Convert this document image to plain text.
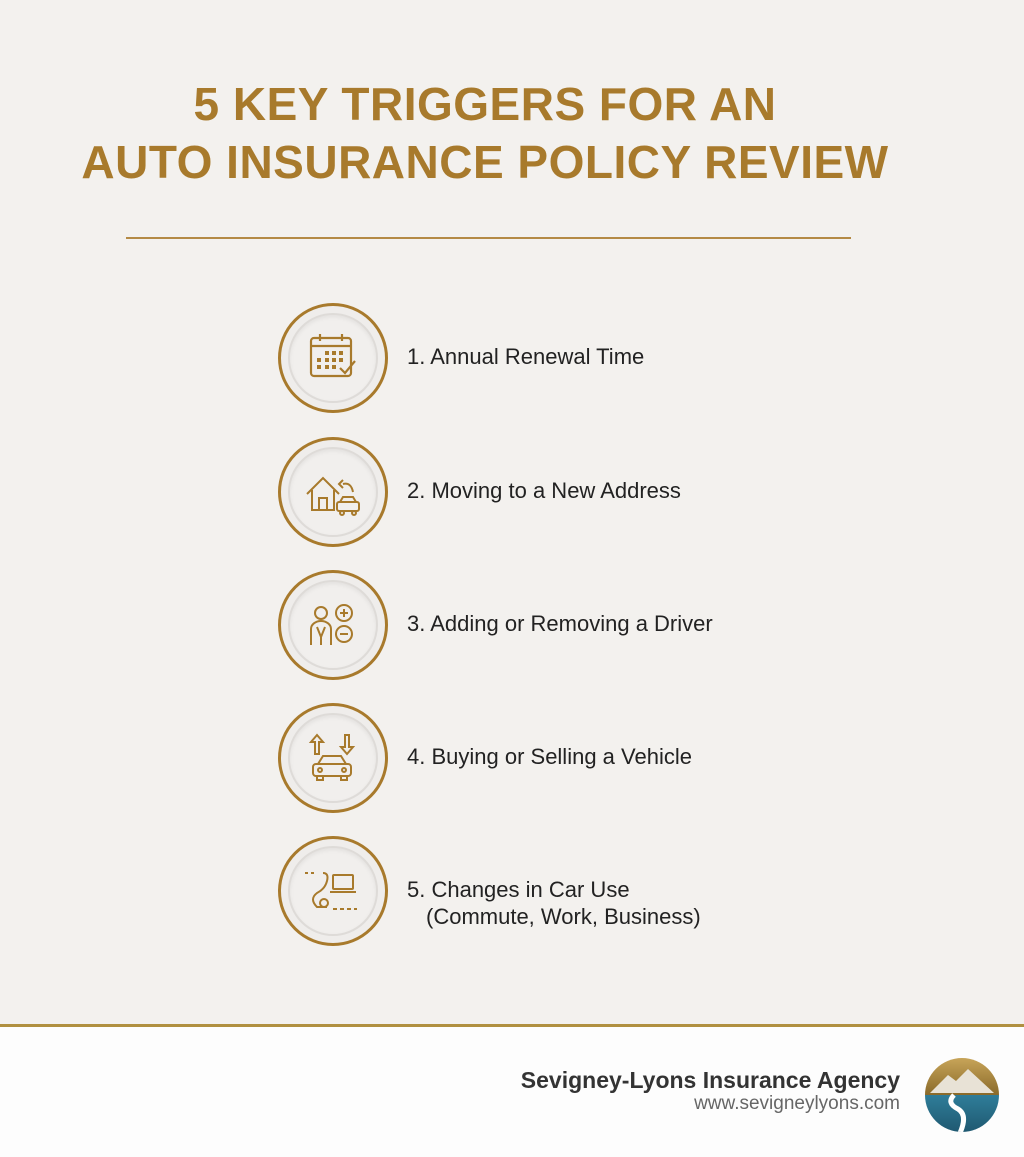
5 KEY TRIGGERS FOR AN
AUTO INSURANCE POLICY REVIEW
1. Annual Renewal Time
2. Moving to a New Address
3. Adding or Removing a Driver
4. Buying or Selling a Vehicle
5. Changes in Car Use
(Commute, Work, Business)
Sevigney-Lyons Insurance Agency
www.sevigneylyons.com
